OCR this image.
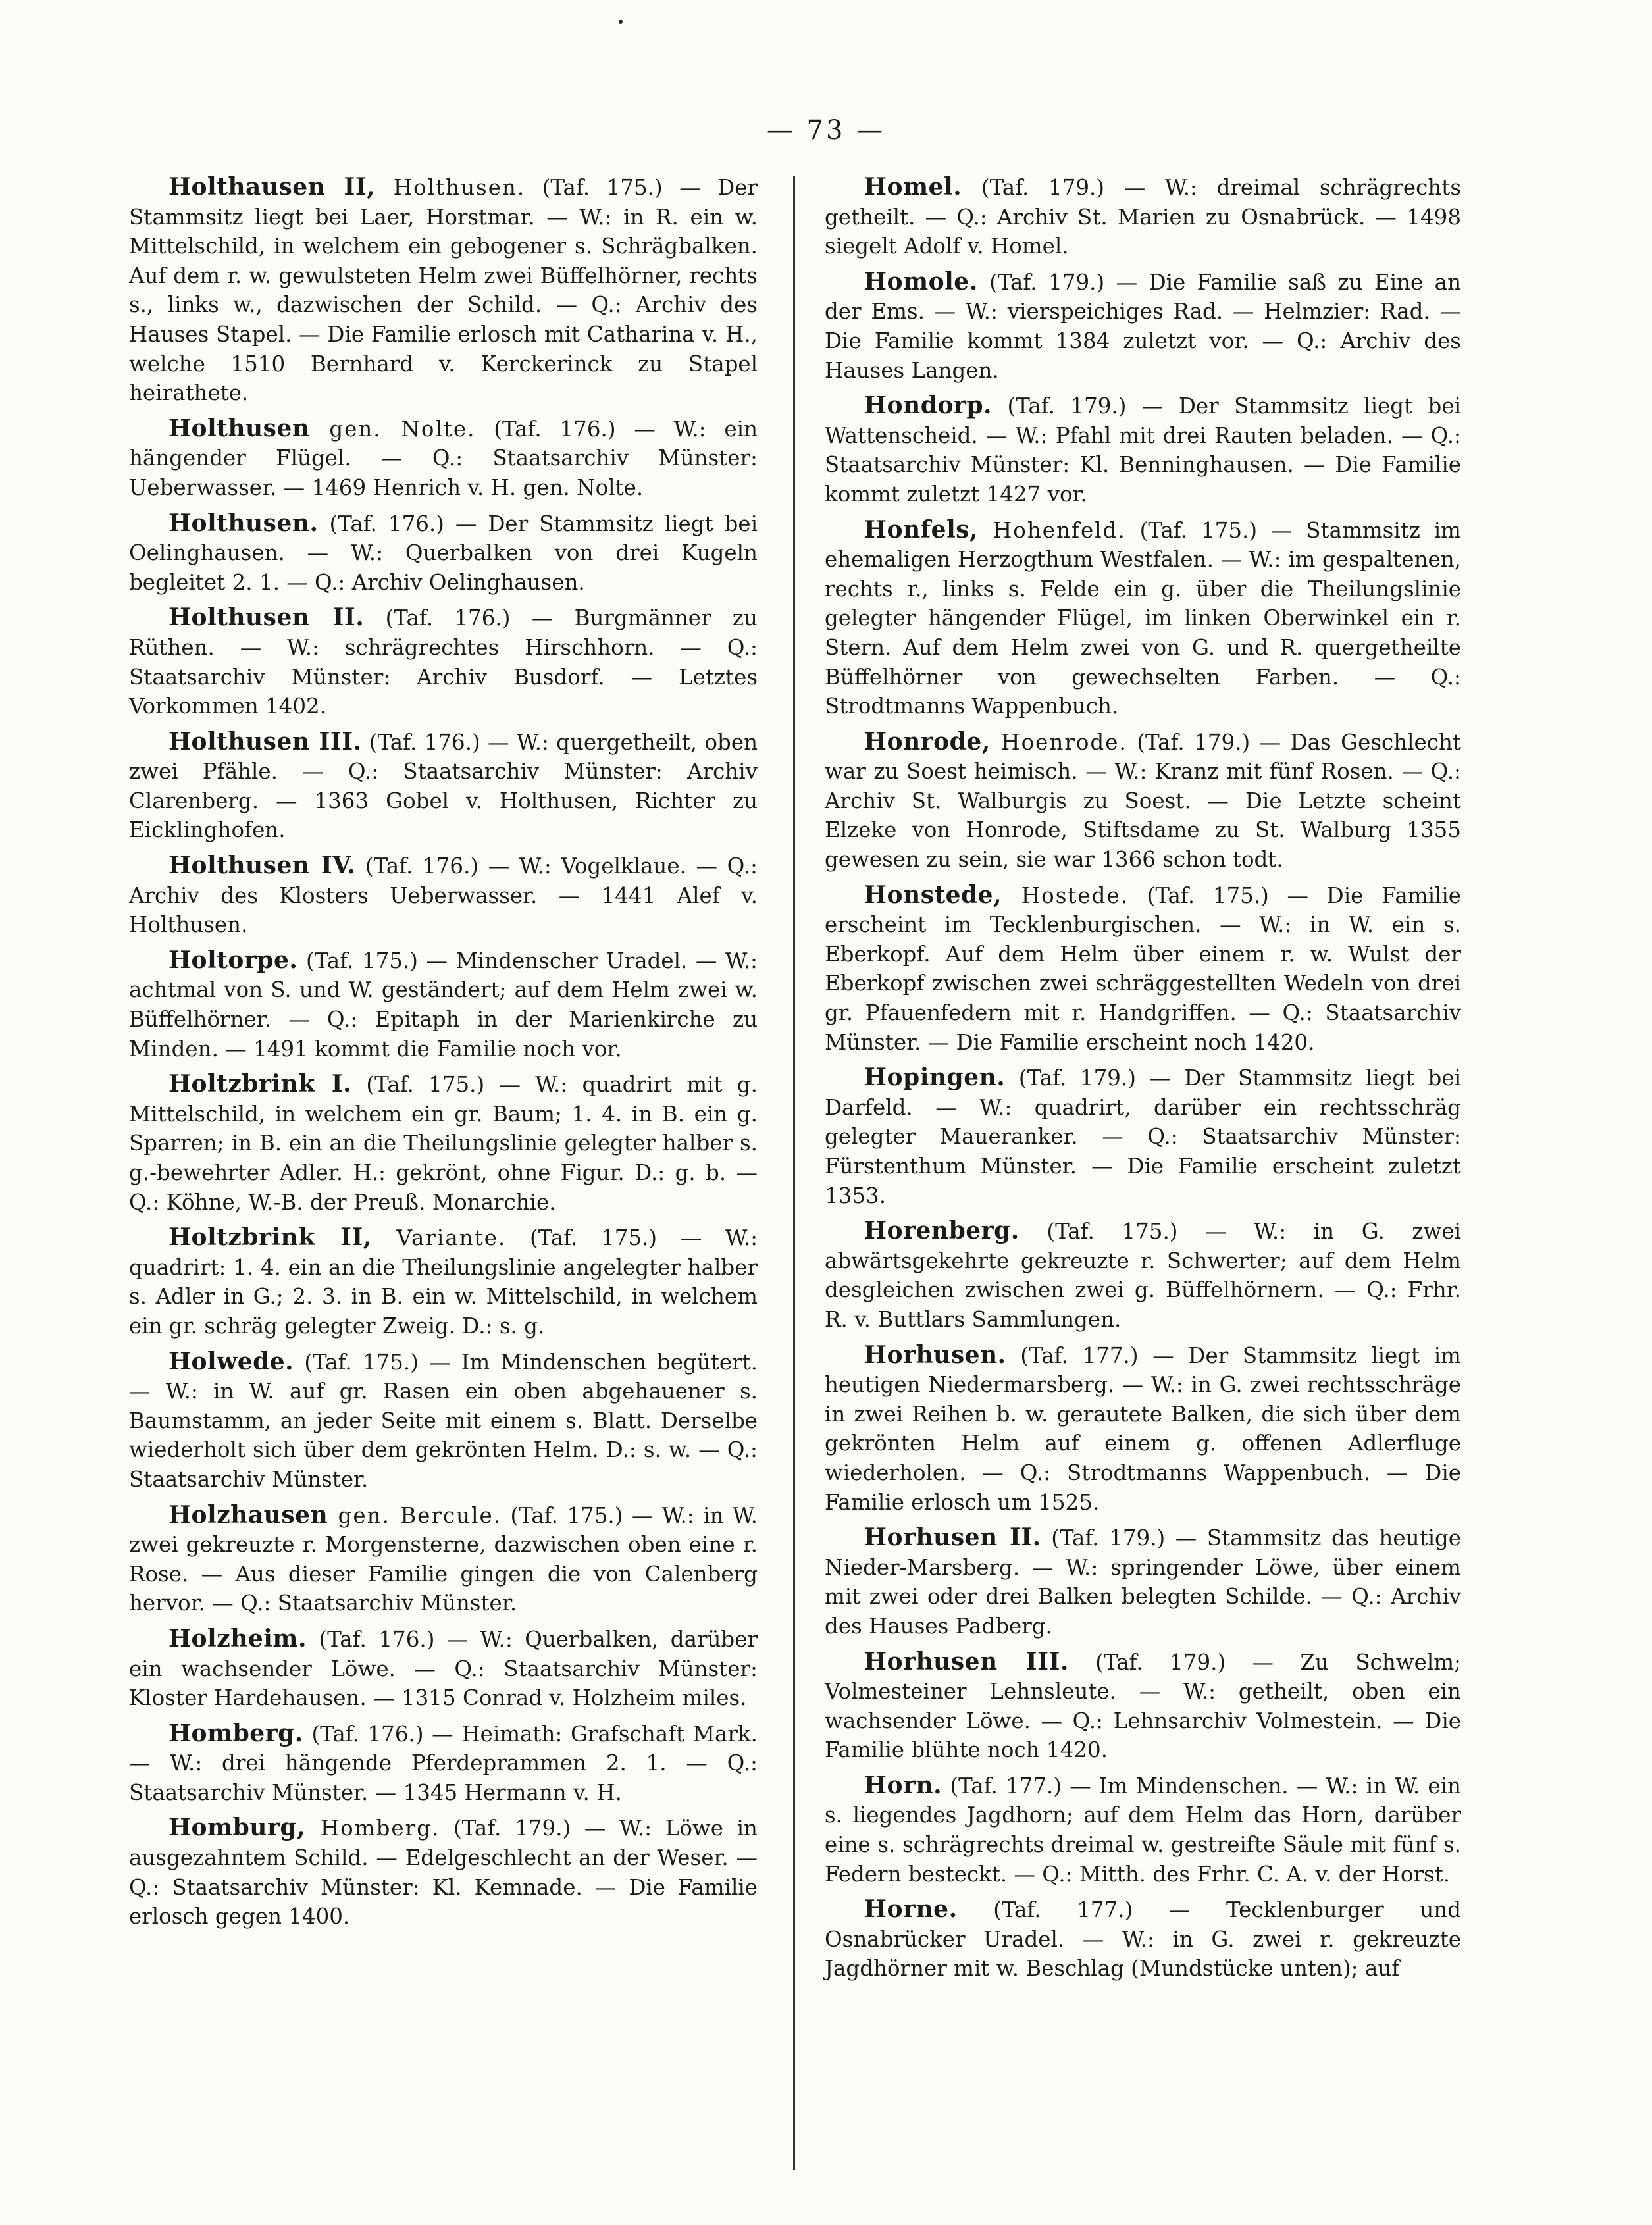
— 73 —

Holthausen II, Holthusen. (Taf. 175.) — Der Stammsitz liegt bei Laer, Horstmar. — W.: in R. ein w. Mittelschild, in welchem ein gebogener s. Schrägbalken. Auf dem r. w. gewulsteten Helm zwei Büffelhörner, rechts s., links w., dazwischen der Schild. — Q.: Archiv des Hauses Stapel. — Die Familie erlosch mit Catharina v. H., welche 1510 Bernhard v. Kerckerinck zu Stapel heirathete.

Holthusen gen. Nolte. (Taf. 176.) — W.: ein hängender Flügel. — Q.: Staatsarchiv Münster: Ueberwasser. — 1469 Henrich v. H. gen. Nolte.

Holthusen. (Taf. 176.) — Der Stammsitz liegt bei Oelinghausen. — W.: Querbalken von drei Kugeln begleitet 2. 1. — Q.: Archiv Oelinghausen.

Holthusen II. (Taf. 176.) — Burgmänner zu Rüthen. — W.: schrägrechtes Hirschhorn. — Q.: Staatsarchiv Münster: Archiv Busdorf. — Letztes Vorkommen 1402.

Holthusen III. (Taf. 176.) — W.: quergetheilt, oben zwei Pfähle. — Q.: Staatsarchiv Münster: Archiv Clarenberg. — 1363 Gobel v. Holthusen, Richter zu Eicklinghofen.

Holthusen IV. (Taf. 176.) — W.: Vogelklaue. — Q.: Archiv des Klosters Ueberwasser. — 1441 Alef v. Holthusen.

Holtorpe. (Taf. 175.) — Mindenscher Uradel. — W.: achtmal von S. und W. geständert; auf dem Helm zwei w. Büffelhörner. — Q.: Epitaph in der Marienkirche zu Minden. — 1491 kommt die Familie noch vor.

Holtzbrink I. (Taf. 175.) — W.: quadrirt mit g. Mittelschild, in welchem ein gr. Baum; 1. 4. in B. ein g. Sparren; in B. ein an die Theilungslinie gelegter halber s. g.-bewehrter Adler. H.: gekrönt, ohne Figur. D.: g. b. — Q.: Köhne, W.-B. der Preuß. Monarchie.

Holtzbrink II, Variante. (Taf. 175.) — W.: quadrirt: 1. 4. ein an die Theilungslinie angelegter halber s. Adler in G.; 2. 3. in B. ein w. Mittelschild, in welchem ein gr. schräg gelegter Zweig. D.: s. g.

Holwede. (Taf. 175.) — Im Mindenschen begütert. — W.: in W. auf gr. Rasen ein oben abgehauener s. Baumstamm, an jeder Seite mit einem s. Blatt. Derselbe wiederholt sich über dem gekrönten Helm. D.: s. w. — Q.: Staatsarchiv Münster.

Holzhausen gen. Bercule. (Taf. 175.) — W.: in W. zwei gekreuzte r. Morgensterne, dazwischen oben eine r. Rose. — Aus dieser Familie gingen die von Calenberg hervor. — Q.: Staatsarchiv Münster.

Holzheim. (Taf. 176.) — W.: Querbalken, darüber ein wachsender Löwe. — Q.: Staatsarchiv Münster: Kloster Hardehausen. — 1315 Conrad v. Holzheim miles.

Homberg. (Taf. 176.) — Heimath: Grafschaft Mark. — W.: drei hängende Pferdeprammen 2. 1. — Q.: Staatsarchiv Münster. — 1345 Hermann v. H.

Homburg, Homberg. (Taf. 179.) — W.: Löwe in ausgezahntem Schild. — Edelgeschlecht an der Weser. — Q.: Staatsarchiv Münster: Kl. Kemnade. — Die Familie erlosch gegen 1400.

Homel. (Taf. 179.) — W.: dreimal schrägrechts getheilt. — Q.: Archiv St. Marien zu Osnabrück. — 1498 siegelt Adolf v. Homel.

Homole. (Taf. 179.) — Die Familie saß zu Eine an der Ems. — W.: vierspeichiges Rad. — Helmzier: Rad. — Die Familie kommt 1384 zuletzt vor. — Q.: Archiv des Hauses Langen.

Hondorp. (Taf. 179.) — Der Stammsitz liegt bei Wattenscheid. — W.: Pfahl mit drei Rauten beladen. — Q.: Staatsarchiv Münster: Kl. Benninghausen. — Die Familie kommt zuletzt 1427 vor.

Honfels, Hohenfeld. (Taf. 175.) — Stammsitz im ehemaligen Herzogthum Westfalen. — W.: im gespaltenen, rechts r., links s. Felde ein g. über die Theilungslinie gelegter hängender Flügel, im linken Oberwinkel ein r. Stern. Auf dem Helm zwei von G. und R. quergetheilte Büffelhörner von gewechselten Farben. — Q.: Strodtmanns Wappenbuch.

Honrode, Hoenrode. (Taf. 179.) — Das Geschlecht war zu Soest heimisch. — W.: Kranz mit fünf Rosen. — Q.: Archiv St. Walburgis zu Soest. — Die Letzte scheint Elzeke von Honrode, Stiftsdame zu St. Walburg 1355 gewesen zu sein, sie war 1366 schon todt.

Honstede, Hostede. (Taf. 175.) — Die Familie erscheint im Tecklenburgischen. — W.: in W. ein s. Eberkopf. Auf dem Helm über einem r. w. Wulst der Eberkopf zwischen zwei schräggestellten Wedeln von drei gr. Pfauenfedern mit r. Handgriffen. — Q.: Staatsarchiv Münster. — Die Familie erscheint noch 1420.

Hopingen. (Taf. 179.) — Der Stammsitz liegt bei Darfeld. — W.: quadrirt, darüber ein rechtsschräg gelegter Maueranker. — Q.: Staatsarchiv Münster: Fürstenthum Münster. — Die Familie erscheint zuletzt 1353.

Horenberg. (Taf. 175.) — W.: in G. zwei abwärtsgekehrte gekreuzte r. Schwerter; auf dem Helm desgleichen zwischen zwei g. Büffelhörnern. — Q.: Frhr. R. v. Buttlars Sammlungen.

Horhusen. (Taf. 177.) — Der Stammsitz liegt im heutigen Niedermarsberg. — W.: in G. zwei rechtsschräge in zwei Reihen b. w. gerautete Balken, die sich über dem gekrönten Helm auf einem g. offenen Adlerfluge wiederholen. — Q.: Strodtmanns Wappenbuch. — Die Familie erlosch um 1525.

Horhusen II. (Taf. 179.) — Stammsitz das heutige Nieder-Marsberg. — W.: springender Löwe, über einem mit zwei oder drei Balken belegten Schilde. — Q.: Archiv des Hauses Padberg.

Horhusen III. (Taf. 179.) — Zu Schwelm; Volmesteiner Lehnsleute. — W.: getheilt, oben ein wachsender Löwe. — Q.: Lehnsarchiv Volmestein. — Die Familie blühte noch 1420.

Horn. (Taf. 177.) — Im Mindenschen. — W.: in W. ein s. liegendes Jagdhorn; auf dem Helm das Horn, darüber eine s. schrägrechts dreimal w. gestreifte Säule mit fünf s. Federn besteckt. — Q.: Mitth. des Frhr. C. A. v. der Horst.

Horne. (Taf. 177.) — Tecklenburger und Osnabrücker Uradel. — W.: in G. zwei r. gekreuzte Jagdhörner mit w. Beschlag (Mundstücke unten); auf
